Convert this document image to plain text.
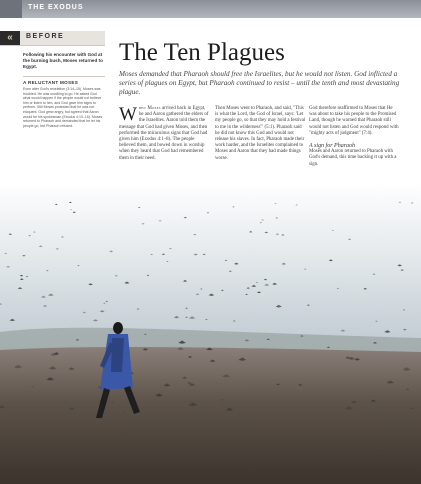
THE EXODUS
«	BEFORE
Following his encounter with God at the burning bush, Moses returned to Egypt.
A RELUCTANT MOSES
Even after God's revelation (3:14–15), Moses was troubled. He was unwilling to go. He asked God what would happen if the people would not believe him or listen to him, and God gave him signs to perform. Still Moses protested that he was not eloquent. God grew angry, but agreed that Aaron would be his spokesman (Exodus 4:10–16). Moses returned to Pharaoh and demanded that he let his people go, but Pharaoh refused.
The Ten Plagues
Moses demanded that Pharaoh should free the Israelites, but he would not listen. God inflicted a series of plagues on Egypt, but Pharaoh continued to resist – until the tenth and most devastating plague.
When Moses arrived back in Egypt, he and Aaron gathered the elders of the Israelites. Aaron told them the message that God had given Moses, and then performed the miraculous signs that God had given him (Exodus 4:1–8). The people believed them, and bowed down in worship when they heard that God had remembered them in their need.
Then Moses went to Pharaoh, and said, "This is what the Lord, the God of Israel, says: 'Let my people go, so that they may hold a festival to me in the wilderness'" (5:1). Pharaoh said he did not know this God and would not release his slaves. In fact, Pharaoh made their work harder, and the Israelites complained to Moses and Aaron that they had made things worse.
God therefore reaffirmed to Moses that He was about to take his people to the Promised Land, though he warned that Pharaoh still would not listen and God would respond with "mighty acts of judgment" (7:4).
A sign for Pharaoh
Moses and Aaron returned to Pharaoh with God's demand, this time backing it up with a sign.
